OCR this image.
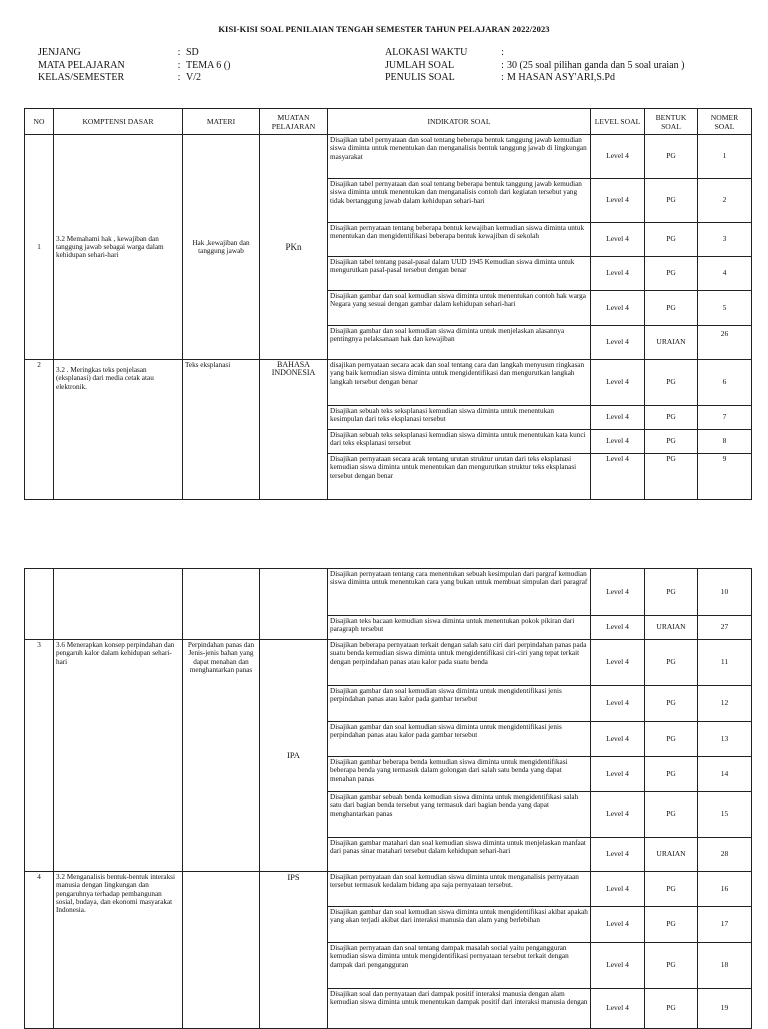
KISI-KISI SOAL PENILAIAN TENGAH SEMESTER TAHUN PELAJARAN 2022/2023
JENJANG	: SD
MATA PELAJARAN	: TEMA 6 ()
KELAS/SEMESTER	: V/2
ALOKASI WAKTU	:
JUMLAH SOAL	: 30 (25 soal pilihan ganda dan 5 soal uraian )
PENULIS SOAL	: M HASAN ASY'ARI,S.Pd
NO	KOMPTENSI DASAR	MATERI	MUATAN PELAJARAN	INDIKATOR SOAL	LEVEL SOAL	BENTUK SOAL	NOMER SOAL
1	3.2 Memahami hak , kewajiban dan tanggung jawab sebagai warga dalam kehidupan sehari-hari	Hak ,kewajiban dan tanggung jawab	PKn	Disajikan tabel pernyataan dan soal tentang beberapa bentuk tanggung jawab kemudian siswa diminta untuk menentukan dan menganalisis bentuk tanggung jawab di lingkungan masyarakat	Level 4	PG	1
				Disajikan tabel pernyataan dan soal tentang beberapa bentuk tanggung jawab kemudian siswa diminta untuk menentukan dan menganalisis contoh dari kegiatan tersebut yang tidak bertanggung jawab dalam kehidupan sehari-hari	Level 4	PG	2
				Disajikan pernyataan tentang beberapa bentuk kewajiban kemudian siswa diminta untuk menentukan dan mengidentifikasi beberapa bentuk kewajiban di sekolah	Level 4	PG	3
				Disajikan tabel tentang pasal-pasal dalam UUD 1945 Kemudian siswa diminta untuk mengurutkan pasal-pasal tersebut dengan benar	Level 4	PG	4
				Disajikan gambar dan soal kemudian siswa diminta untuk menentukan contoh hak warga Negara yang sesuai dengan gambar dalam kehidupan sehari-hari	Level 4	PG	5
				Disajikan gambar dan soal kemudian siswa diminta untuk menjelaskan alasannya pentingnya pelaksanaan hak dan kewajiban	Level 4	URAIAN	26
2	3.2 . Meringkas teks penjelasan (eksplanasi) dari media cetak atau elektronik.	Teks eksplanasi	BAHASA INDONESIA	disajikan pernyataan secara acak dan soal tentang cara dan langkah menyusun ringkasan yang baik kemudian siswa diminta untuk mengidentifikasi dan mengurutkan langkah langkah tersebut dengan benar	Level 4	PG	6
				Disajikan sebuah teks seksplanasi kemudian siswa diminta untuk menentukan kesimpulan dari teks eksplanasi tersebut	Level 4	PG	7
				Disajikan sebuah teks seksplanasi kemudian siswa diminta untuk menentukan kata kunci dari teks eksplanasi tersebut	Level 4	PG	8
				Disajikan pernyataan secara acak tentang urutan struktur urutan dari teks eksplanasi kemudian siswa diminta untuk menentukan dan mengurutkan struktur teks eksplanasi tersebut dengan benar	Level 4	PG	9
				Disajikan pernyataan tentang cara menentukan sebuah kesimpulan dari pargraf kemudian siswa diminta untuk menentukan cara yang bukan untuk membuat simpulan dari paragraf	Level 4	PG	10
				Disajikan teks bacaan kemudian siswa diminta untuk menentukan pokok pikiran dari paragraph tersebut	Level 4	URAIAN	27
3	3.6 Menerapkan konsep perpindahan dan pengaruh kalor dalam kehidupan sehari-hari	Perpindahan panas dan Jenis-jenis bahan yang dapat menahan dan menghantarkan panas	IPA	Disajikan beberapa pernyataan terkait dengan salah satu ciri dari perpindahan panas pada suatu benda kemudian siswa diminta untuk mengidentifikasi ciri-ciri yang tepat terkait dengan perpindahan panas atau kalor pada suatu benda	Level 4	PG	11
				Disajikan gambar dan soal kemudian siswa diminta untuk mengidentifikasi jenis perpindahan panas atau kalor pada gambar tersebut	Level 4	PG	12
				Disajikan gambar dan soal kemudian siswa diminta untuk mengidentifikasi jenis perpindahan panas atau kalor pada gambar tersebut	Level 4	PG	13
				Disajikan gambar beberapa benda kemudian siswa diminta untuk mengidentifikasi beberapa benda yang termasuk dalam golongan dari salah satu benda yang dapat menahan panas	Level 4	PG	14
				Disajikan gambar sebuah benda kemudian siswa diminta untuk mengidentifikasi salah satu dari bagian benda tersebut yang termasuk dari bagian benda yang dapat menghantarkan panas	Level 4	PG	15
				Disajikan gambar matahari dan soal kemudian siswa diminta untuk menjelaskan manfaat dari panas sinar matahari tersebut dalam kehidupan sehari-hari	Level 4	URAIAN	28
4	3.2 Menganalisis bentuk-bentuk interaksi manusia dengan lingkungan dan pengaruhnya terhadap pembangunan sosial, budaya, dan ekonomi masyarakat Indonesia.		IPS	Disajikan pernyataan dan soal kemudian siswa diminta untuk menganalisis pernyataan tersebut termasuk kedalam bidang apa saja pernyataan tersebut.	Level 4	PG	16
				Disajikan gambar dan soal kemudian siswa diminta untuk mengidentifikasi akibat apakah yang akan terjadi akibat dari interaksi manusia dan alam yang berlebihan	Level 4	PG	17
				Disajikan pernyataan dan soal tentang dampak masalah social yaitu pengangguran kemudian siswa diminta untuk mengidentifikasi pernyataan tersebut terkait dengan dampak dari pengangguran	Level 4	PG	18
				Disajikan soal dan pernyataan dari dampak positif interaksi manusia dengan alam kemudian siswa diminta untuk menentukan dampak positif dari interaksi manusia dengan	Level 4	PG	19
